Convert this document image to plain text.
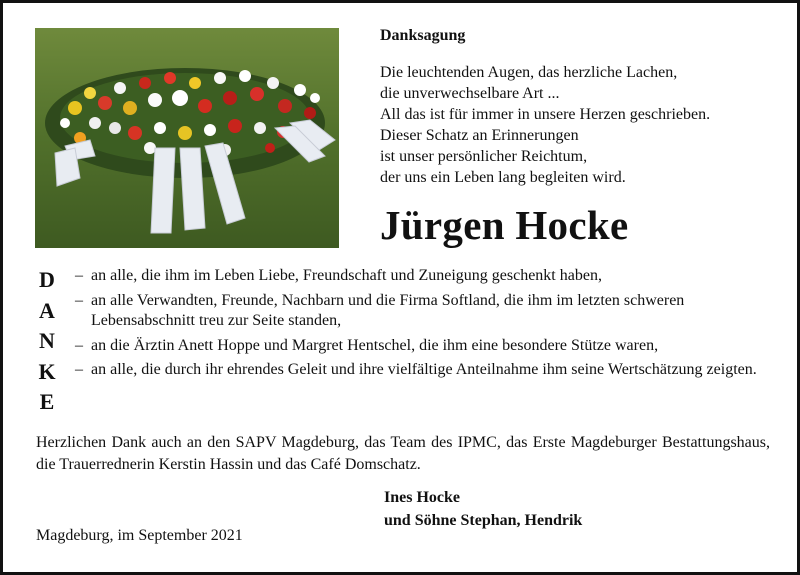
Danksagung
Die leuchtenden Augen, das herzliche Lachen,
die unverwechselbare Art ...
All das ist für immer in unsere Herzen geschrieben.
Dieser Schatz an Erinnerungen
ist unser persönlicher Reichtum,
der uns ein Leben lang begleiten wird.
Jürgen Hocke
D
A
N
K
E
– an alle, die ihm im Leben Liebe, Freundschaft und Zuneigung geschenkt haben,
– an alle Verwandten, Freunde, Nachbarn und die Firma Softland, die ihm im letzten schweren Lebensabschnitt treu zur Seite standen,
– an die Ärztin Anett Hoppe und Margret Hentschel, die ihm eine besondere Stütze waren,
– an alle, die durch ihr ehrendes Geleit und ihre vielfältige Anteilnahme ihm seine Wertschätzung zeigten.
Herzlichen Dank auch an den SAPV Magdeburg, das Team des IPMC, das Erste Magdeburger Bestattungshaus, die Trauerrednerin Kerstin Hassin und das Café Domschatz.
Ines Hocke
und Söhne Stephan, Hendrik
Magdeburg, im September 2021
